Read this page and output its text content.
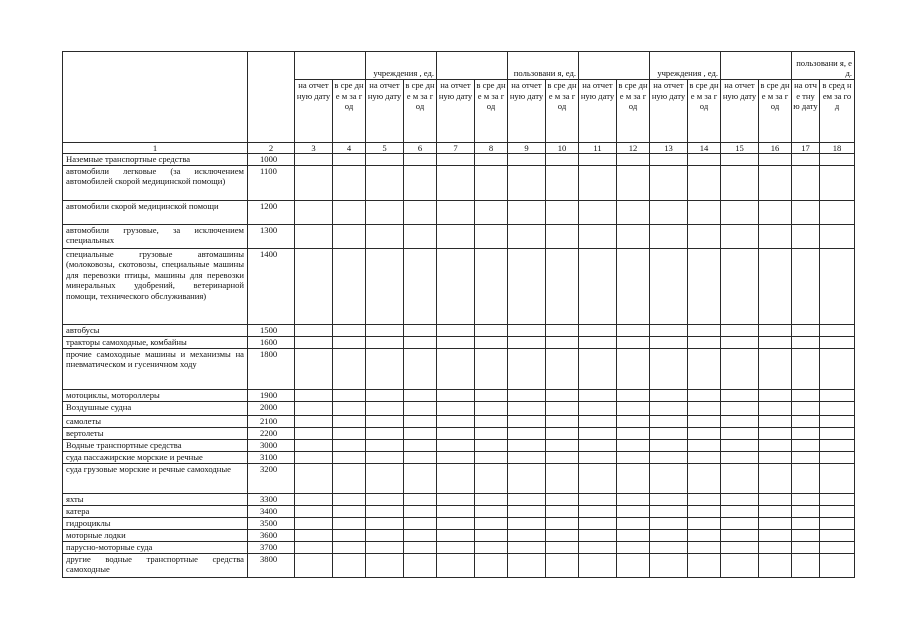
				учреждения , ед.				пользовани я, ед.				учреждения , ед.				пользовани я, ед.	
		на отчет ную дату	в сре дне м за год	на отчет ную дату	в сре дне м за год	на отчет ную дату	в сре дне м за год	на отчет ную дату	в сре дне м за год	на отчет ную дату	в сре дне м за год	на отчет ную дату	в сре дне м за год	на отчет ную дату	в сре дне м за год	на отче тну ю дату	в сред нем за год
1	2	3	4	5	6	7	8	9	10	11	12	13	14	15	16	17	18
Наземные транспортные средства	1000																
автомобили легковые (за исключением автомобилей скорой медицинской помощи)	1100																
автомобили скорой медицинской помощи	1200																
автомобили грузовые, за исключением специальных	1300																
специальные грузовые автомашины (молоковозы, скотовозы, специальные машины для перевозки птицы, машины для перевозки минеральных удобрений, ветеринарной помощи, технического обслуживания)	1400																
автобусы	1500																
тракторы самоходные, комбайны	1600																
прочие самоходные машины и механизмы на пневматическом и гусеничном ходу	1800																
мотоциклы, мотороллеры	1900																
Воздушные судна	2000																
самолеты	2100																
вертолеты	2200																
Водные транспортные средства	3000																
суда пассажирские морские и речные	3100																
суда грузовые морские и речные самоходные	3200																
яхты	3300																
катера	3400																
гидроциклы	3500																
моторные лодки	3600																
парусно-моторные суда	3700																
другие водные транспортные средства самоходные	3800																
